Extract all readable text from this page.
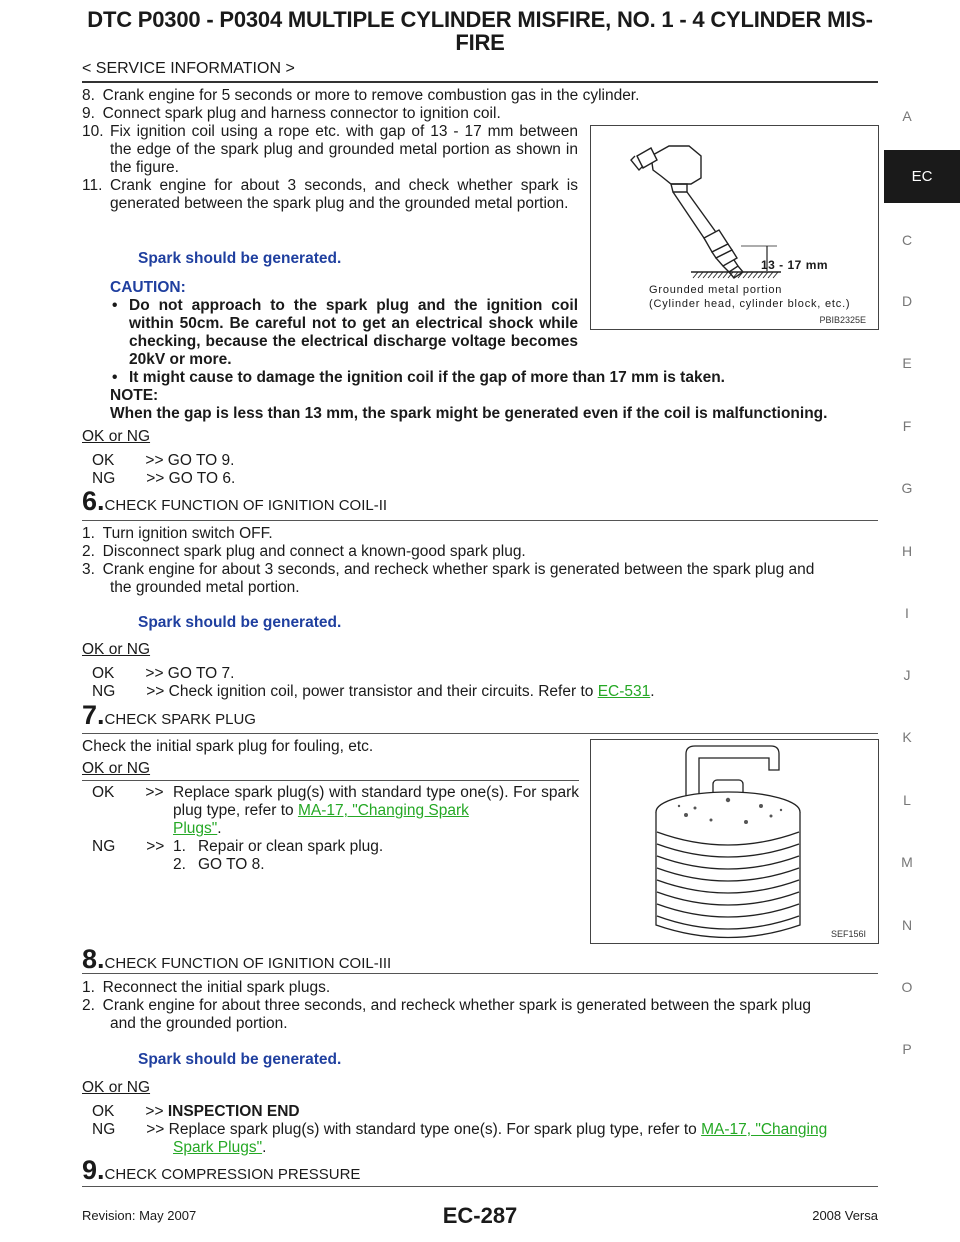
DTC P0300 - P0304 MULTIPLE CYLINDER MISFIRE, NO. 1 - 4 CYLINDER MIS-
FIRE
< SERVICE INFORMATION >
A
EC
C
D
E
F
G
H
I
J
K
L
M
N
O
P
8. Crank engine for 5 seconds or more to remove combustion gas in the cylinder.
9. Connect spark plug and harness connector to ignition coil.
10. Fix ignition coil using a rope etc. with gap of 13 - 17 mm between the edge of the spark plug and grounded metal portion as shown in the figure.
11. Crank engine for about 3 seconds, and check whether spark is generated between the spark plug and the grounded metal portion.
Spark should be generated.
CAUTION:
• Do not approach to the spark plug and the ignition coil within 50cm. Be careful not to get an electrical shock while checking, because the electrical discharge voltage becomes 20kV or more.
• It might cause to damage the ignition coil if the gap of more than 17 mm is taken.
NOTE:
When the gap is less than 13 mm, the spark might be generated even if the coil is malfunctioning.
OK or NG
OK  >> GO TO 9.
NG  >> GO TO 6.
13 - 17 mm
Grounded metal portion
(Cylinder head, cylinder block, etc.)
PBIB2325E
6.CHECK FUNCTION OF IGNITION COIL-II
1. Turn ignition switch OFF.
2. Disconnect spark plug and connect a known-good spark plug.
3. Crank engine for about 3 seconds, and recheck whether spark is generated between the spark plug and
the grounded metal portion.
Spark should be generated.
OK or NG
OK  >> GO TO 7.
NG  >> Check ignition coil, power transistor and their circuits. Refer to EC-531.
7.CHECK SPARK PLUG
Check the initial spark plug for fouling, etc.
OK or NG
OK  >> Replace spark plug(s) with standard type one(s). For spark plug type, refer to MA-17, "Changing Spark
Plugs".
NG  >> 1.  Repair or clean spark plug.
2.  GO TO 8.
SEF156I
8.CHECK FUNCTION OF IGNITION COIL-III
1. Reconnect the initial spark plugs.
2. Crank engine for about three seconds, and recheck whether spark is generated between the spark plug
and the grounded portion.
Spark should be generated.
OK or NG
OK  >> INSPECTION END
NG  >> Replace spark plug(s) with standard type one(s). For spark plug type, refer to MA-17, "Changing
Spark Plugs".
9.CHECK COMPRESSION PRESSURE
Revision: May 2007	EC-287	2008 Versa
